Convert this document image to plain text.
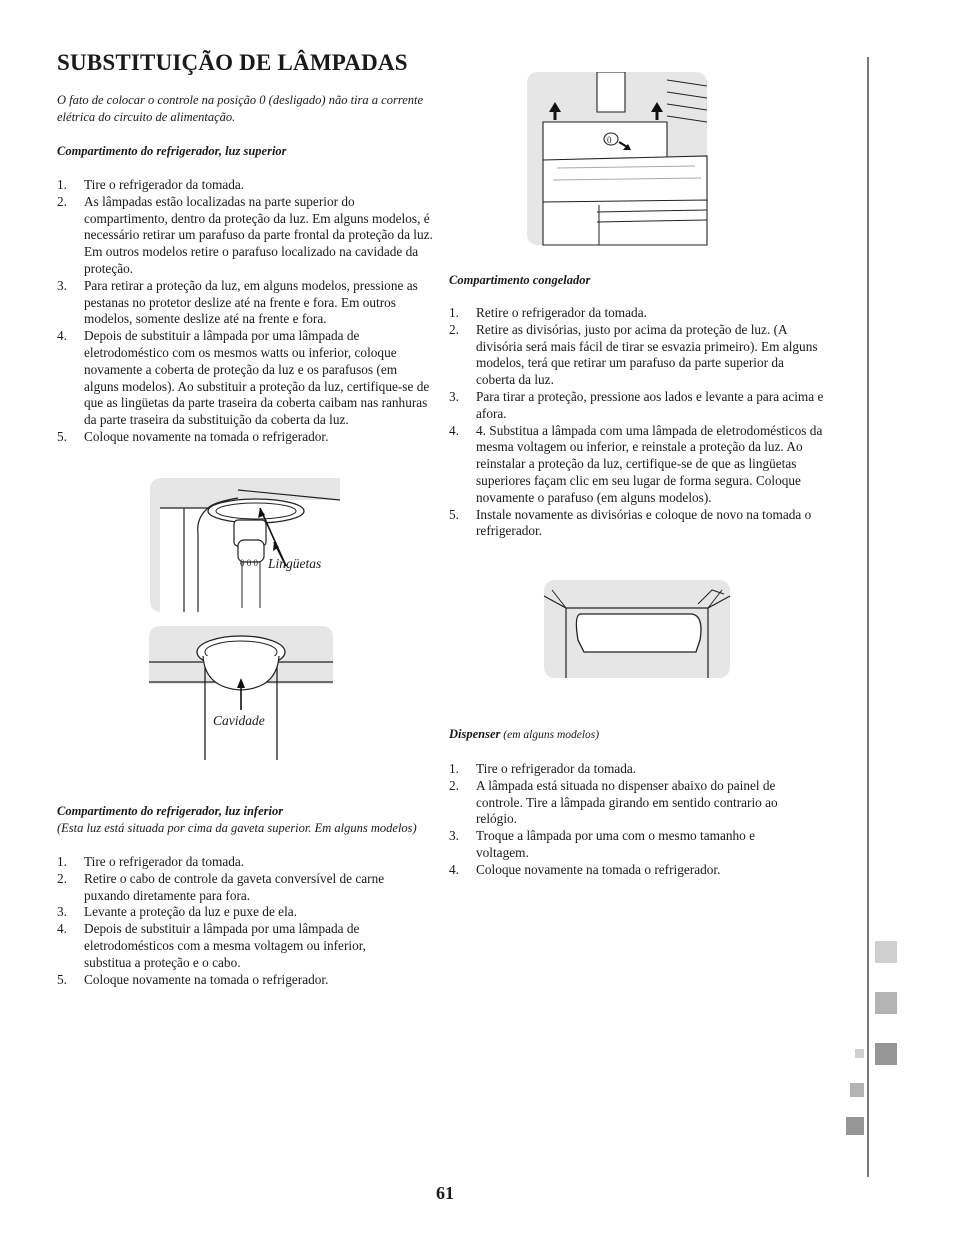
SUBSTITUIÇÃO DE LÂMPADAS

O fato de colocar o controle na posição 0 (desligado) não tira a corrente elétrica do circuito de alimentação.

Compartimento do refrigerador, luz superior

1. Tire o refrigerador da tomada.
2. As lâmpadas estão localizadas na parte superior do compartimento, dentro da proteção da luz. Em alguns modelos, é necessário retirar um parafuso da parte frontal da proteção da luz. Em outros modelos retire o parafuso localizado na cavidade da proteção.
3. Para retirar a proteção da luz, em alguns modelos, pressione as pestanas no protetor deslize até na frente e fora. Em outros modelos, somente deslize até na frente e fora.
4. Depois de substituir a lâmpada por uma lâmpada de eletrodoméstico com os mesmos watts ou inferior, coloque novamente a coberta de proteção da luz e os parafusos (em alguns modelos). Ao substituir a proteção da luz, certifique-se de que as lingüetas da parte traseira da coberta caibam nas ranhuras da parte traseira da substituição da coberta da luz.
5. Coloque novamente na tomada o refrigerador.
0 0 0 Lingüetas
Cavidade

Compartimento do refrigerador, luz inferior

(Esta luz está situada por cima da gaveta superior. Em alguns modelos)

1. Tire o refrigerador da tomada.
2. Retire o cabo de controle da gaveta conversível de carne puxando diretamente para fora.
3. Levante a proteção da luz e puxe de ela.
4. Depois de substituir a lâmpada por uma lâmpada de eletrodomésticos com a mesma voltagem ou inferior, substitua a proteção e o cabo.
5. Coloque novamente na tomada o refrigerador.
0

Compartimento congelador

1. Retire o refrigerador da tomada.
2. Retire as divisórias, justo por acima da proteção de luz. (A divisória será mais fácil de tirar se esvazia primeiro). Em alguns modelos, terá que retirar um parafuso da parte superior da coberta da luz.
3. Para tirar a proteção, pressione aos lados e levante a para acima e afora.
4. 4. Substitua a lâmpada com uma lâmpada de eletrodomésticos da mesma voltagem ou inferior, e reinstale a proteção da luz. Ao reinstalar a proteção da luz, certifique-se de que as lingüetas superiores façam clic em seu lugar de forma segura. Coloque novamente o parafuso (em alguns modelos).
5. Instale novamente as divisórias e coloque de novo na tomada o refrigerador.

Dispenser (em alguns modelos)

1. Tire o refrigerador da tomada.
2. A lâmpada está situada no dispenser abaixo do painel de controle. Tire a lâmpada girando em sentido contrario ao relógio.
3. Troque a lâmpada por uma com o mesmo tamanho e voltagem.
4. Coloque novamente na tomada o refrigerador.
61
